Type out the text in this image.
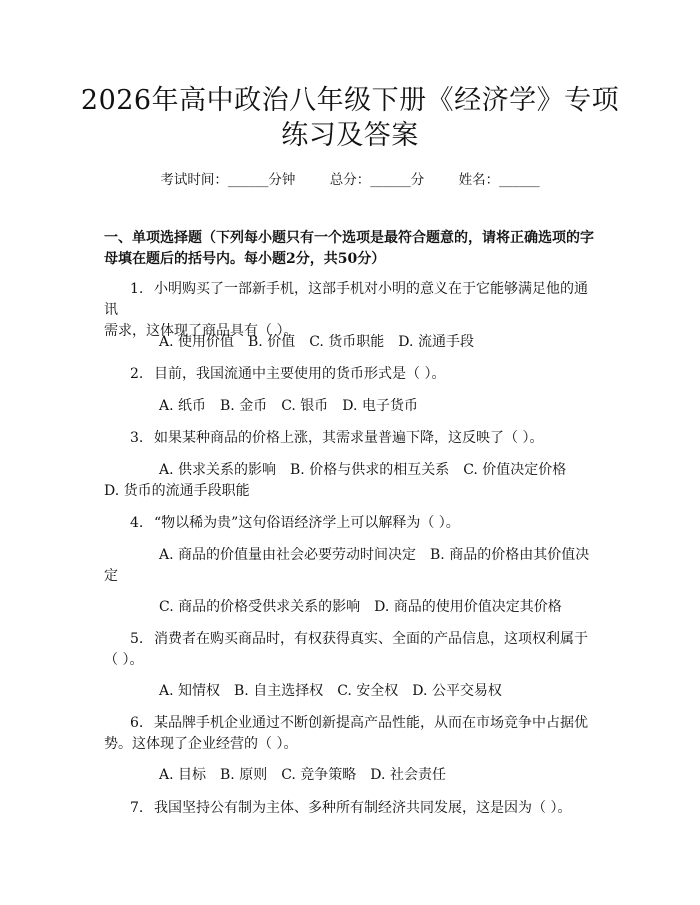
2026年高中政治八年级下册《经济学》专项
练习及答案
考试时间：______分钟	总分：______分	姓名：______
一、单项选择题（下列每小题只有一个选项是最符合题意的，请将正确选项的字
母填在题后的括号内。每小题2分，共50分）
1. 小明购买了一部新手机，这部手机对小明的意义在于它能够满足他的通讯
需求，这体现了商品具有（ ）。
A. 使用价值　B. 价值　C. 货币职能　D. 流通手段
2. 目前，我国流通中主要使用的货币形式是（ ）。
A. 纸币　B. 金币　C. 银币　D. 电子货币
3. 如果某种商品的价格上涨，其需求量普遍下降，这反映了（ ）。
A. 供求关系的影响　B. 价格与供求的相互关系　C. 价值决定价格
D. 货币的流通手段职能
4. “物以稀为贵”这句俗语经济学上可以解释为（ ）。
A. 商品的价值量由社会必要劳动时间决定　B. 商品的价格由其价值决
定
C. 商品的价格受供求关系的影响　D. 商品的使用价值决定其价格
5. 消费者在购买商品时，有权获得真实、全面的产品信息，这项权利属于
（ ）。
A. 知情权　B. 自主选择权　C. 安全权　D. 公平交易权
6. 某品牌手机企业通过不断创新提高产品性能，从而在市场竞争中占据优
势。这体现了企业经营的（ ）。
A. 目标　B. 原则　C. 竞争策略　D. 社会责任
7. 我国坚持公有制为主体、多种所有制经济共同发展，这是因为（ ）。
